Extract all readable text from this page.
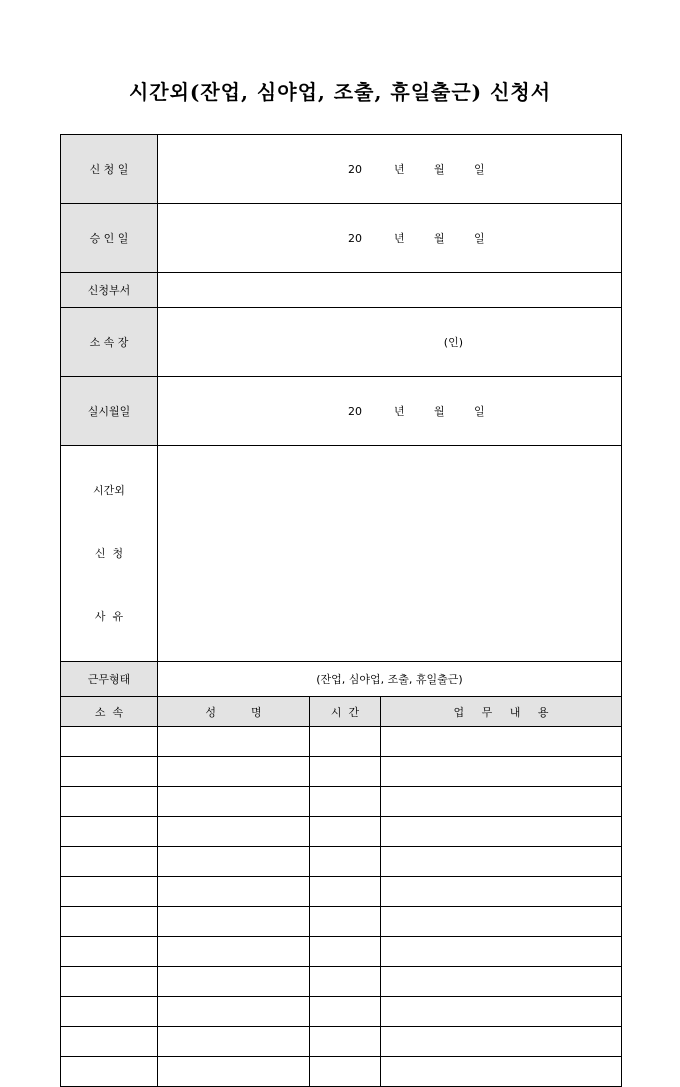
시간외(잔업, 심야업, 조출, 휴일출근) 신청서
신 청 일	20 년 월 일		

승 인 일	20 년 월 일		

신청부서			
소 속 장	(인)		

실시월일	20 년 월 일		

시간외

신  청

사  유			

근무형태	(잔업, 심야업, 조출, 휴일출근)		
소  속	성          명	시  간	업     무     내     용
